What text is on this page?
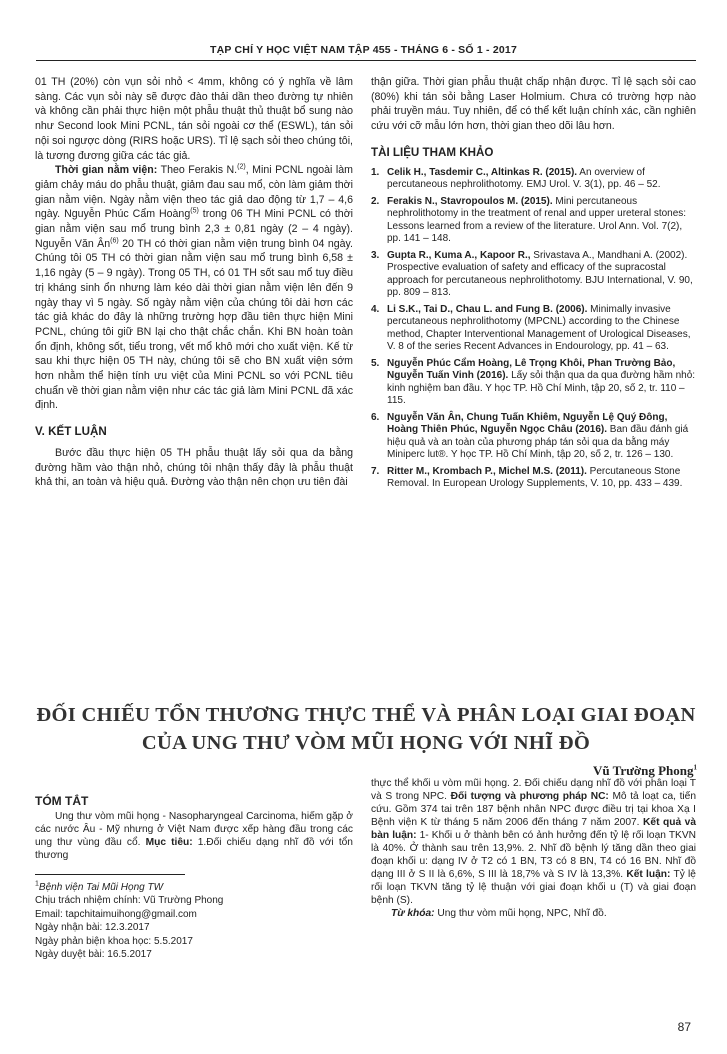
TẠP CHÍ Y HỌC VIỆT NAM TẬP 455 - THÁNG 6 - SỐ 1 - 2017

01 TH (20%) còn vụn sỏi nhỏ < 4mm, không có ý nghĩa về lâm sàng. Các vụn sỏi này sẽ được đào thải dần theo đường tự nhiên và không cần phải thực hiện một phẫu thuật thủ thuật bổ sung nào như Second look Mini PCNL, tán sỏi ngoài cơ thể (ESWL), tán sỏi nội soi ngược dòng (RIRS hoặc URS). Tỉ lệ sạch sỏi theo chúng tôi, là tương đương giữa các tác giả.

Thời gian nằm viện: Theo Ferakis N.$^{(2)}$, Mini PCNL ngoài làm giảm chảy máu do phẫu thuật, giảm đau sau mổ, còn làm giảm thời gian nằm viện. Ngày nằm viện theo tác giả dao động từ 1,7 – 4,6 ngày. Nguyễn Phúc Cẩm Hoàng$^{(5)}$ trong 06 TH Mini PCNL có thời gian nằm viện sau mổ trung bình 2,3 ± 0,81 ngày (2 – 4 ngày). Nguyễn Văn $Ân^{(6)}$ 20 TH có thời gian nằm viện trung bình 04 ngày. Chúng tôi 05 TH có thời gian nằm viện sau mổ trung bình 6,58 ± 1,16 ngày (5 – 9 ngày). Trong 05 TH, có 01 TH sốt sau mổ tuy điều trị kháng sinh ổn nhưng làm kéo dài thời gian nằm viện lên đến 9 ngày thay vì 5 ngày. Số ngày nằm viện của chúng tôi dài hơn các tác giả khác do đây là những trường hợp đầu tiên thực hiện Mini PCNL, chúng tôi giữ BN lại cho thật chắc chắn. Khi BN hoàn toàn ổn định, không sốt, tiểu trong, vết mổ khô mới cho xuất viện. Kế từ sau khi thực hiện 05 TH này, chúng tôi sẽ cho BN xuất viện sớm hơn nhằm thể hiện tính ưu việt của Mini PCNL so với PCNL tiêu chuẩn về thời gian nằm viện như các tác giả làm Mini PCNL đã xác định.

V. KẾT LUẬN

Bước đầu thực hiện 05 TH phẫu thuật lấy sỏi qua da bằng đường hầm vào thận nhỏ, chúng tôi nhận thấy đây là phẫu thuật khả thi, an toàn và hiệu quả. Đường vào thận nên chọn ưu tiên đài

thận giữa. Thời gian phẫu thuật chấp nhận được. Tỉ lệ sạch sỏi cao (80%) khi tán sỏi bằng Laser Holmium. Chưa có trường hợp nào phải truyền máu. Tuy nhiên, để có thể kết luận chính xác, cần nghiên cứu với cỡ mẫu lớn hơn, thời gian theo dõi lâu hơn.

TÀI LIỆU THAM KHẢO
1. Celik H., Tasdemir C., Altinkas R. (2015). An overview of percutaneous nephrolithotomy. EMJ Urol. V. 3(1), pp. 46 – 52.
2. Ferakis N., Stavropoulos M. (2015). Mini percutaneous nephrolithotomy in the treatment of renal and upper ureteral stones: Lessons learned from a review of the literature. Urol Ann. Vol. 7(2), pp. 141 – 148.
3. Gupta R., Kuma A., Kapoor R., Srivastava A., Mandhani A. (2002). Prospective evaluation of safety and efficacy of the supracostal approach for percutaneous nephrolithotomy. BJU International, V. 90, pp. 809 – 813.
4. Li S.K., Tai D., Chau L. and Fung B. (2006). Minimally invasive percutaneous nephrolithotomy (MPCNL) according to the Chinese method, Chapter Interventional Management of Urological Diseases, V. 8 of the series Recent Advances in Endourology, pp. 41 – 63.
5. Nguyễn Phúc Cẩm Hoàng, Lê Trọng Khôi, Phan Trường Bảo, Nguyễn Tuấn Vinh (2016). Lấy sỏi thận qua da qua đường hầm nhỏ: kinh nghiệm ban đầu. Y học TP. Hồ Chí Minh, tập 20, số 2, tr. 110 – 115.
6. Nguyễn Văn Ân, Chung Tuấn Khiêm, Nguyễn Lệ Quý Đông, Hoàng Thiên Phúc, Nguyễn Ngọc Châu (2016). Ban đầu đánh giá hiệu quả và an toàn của phương pháp tán sỏi qua da bằng máy Miniperc lut®. Y học TP. Hồ Chí Minh, tập 20, số 2, tr. 126 – 130.
7. Ritter M., Krombach P., Michel M.S. (2011). Percutaneous Stone Removal. In European Urology Supplements, V. 10, pp. 433 – 439.
ĐỐI CHIẾU TỔN THƯƠNG THỰC THỂ VÀ PHÂN LOẠI GIAI ĐOẠN
CỦA UNG THƯ VÒM MŨI HỌNG VỚI NHĨ ĐỒ
Vũ Trường Phong$^1$
TÓM TẮT

Ung thư vòm mũi họng - Nasopharyngeal Carcinoma, hiếm gặp ở các nước Âu - Mỹ nhưng ở Việt Nam được xếp hàng đầu trong các ung thư vùng đầu cổ. Mục tiêu: 1.Đối chiếu dạng nhĩ đồ với tổn thương

$^1$Bệnh viện Tai Mũi Họng TW
Chịu trách nhiệm chính: Vũ Trường Phong
Email: tapchitaimuihong@gmail.com
Ngày nhận bài: 12.3.2017
Ngày phản biện khoa học: 5.5.2017
Ngày duyệt bài: 16.5.2017

thực thể khối u vòm mũi họng. 2. Đối chiếu dạng nhĩ đồ với phân loại T và S trong NPC. Đối tượng và phương pháp NC: Mô tả loạt ca, tiến cứu. Gồm 374 tai trên 187 bệnh nhân NPC được điều trị tại khoa Xạ I Bệnh viện K từ tháng 5 năm 2006 đến tháng 7 năm 2007. Kết quả và bàn luận: 1- Khối u ở thành bên có ảnh hưởng đến tỷ lệ rối loạn TKVN là 40%. Ở thành sau trên 13,9%. 2. Nhĩ đồ bệnh lý tăng dần theo giai đoạn khối u: dạng IV ở T2 có 1 BN, T3 có 8 BN, T4 có 16 BN. Nhĩ đồ dạng III ở S II là 6,6%, S III là 18,7% và S IV là 13,3%. Kết luận: Tỷ lệ rối loạn TKVN tăng tỷ lệ thuận với giai đoạn khối u (T) và giai đoạn bệnh (S).

Từ khóa: Ung thư vòm mũi họng, NPC, Nhĩ đồ.

87
